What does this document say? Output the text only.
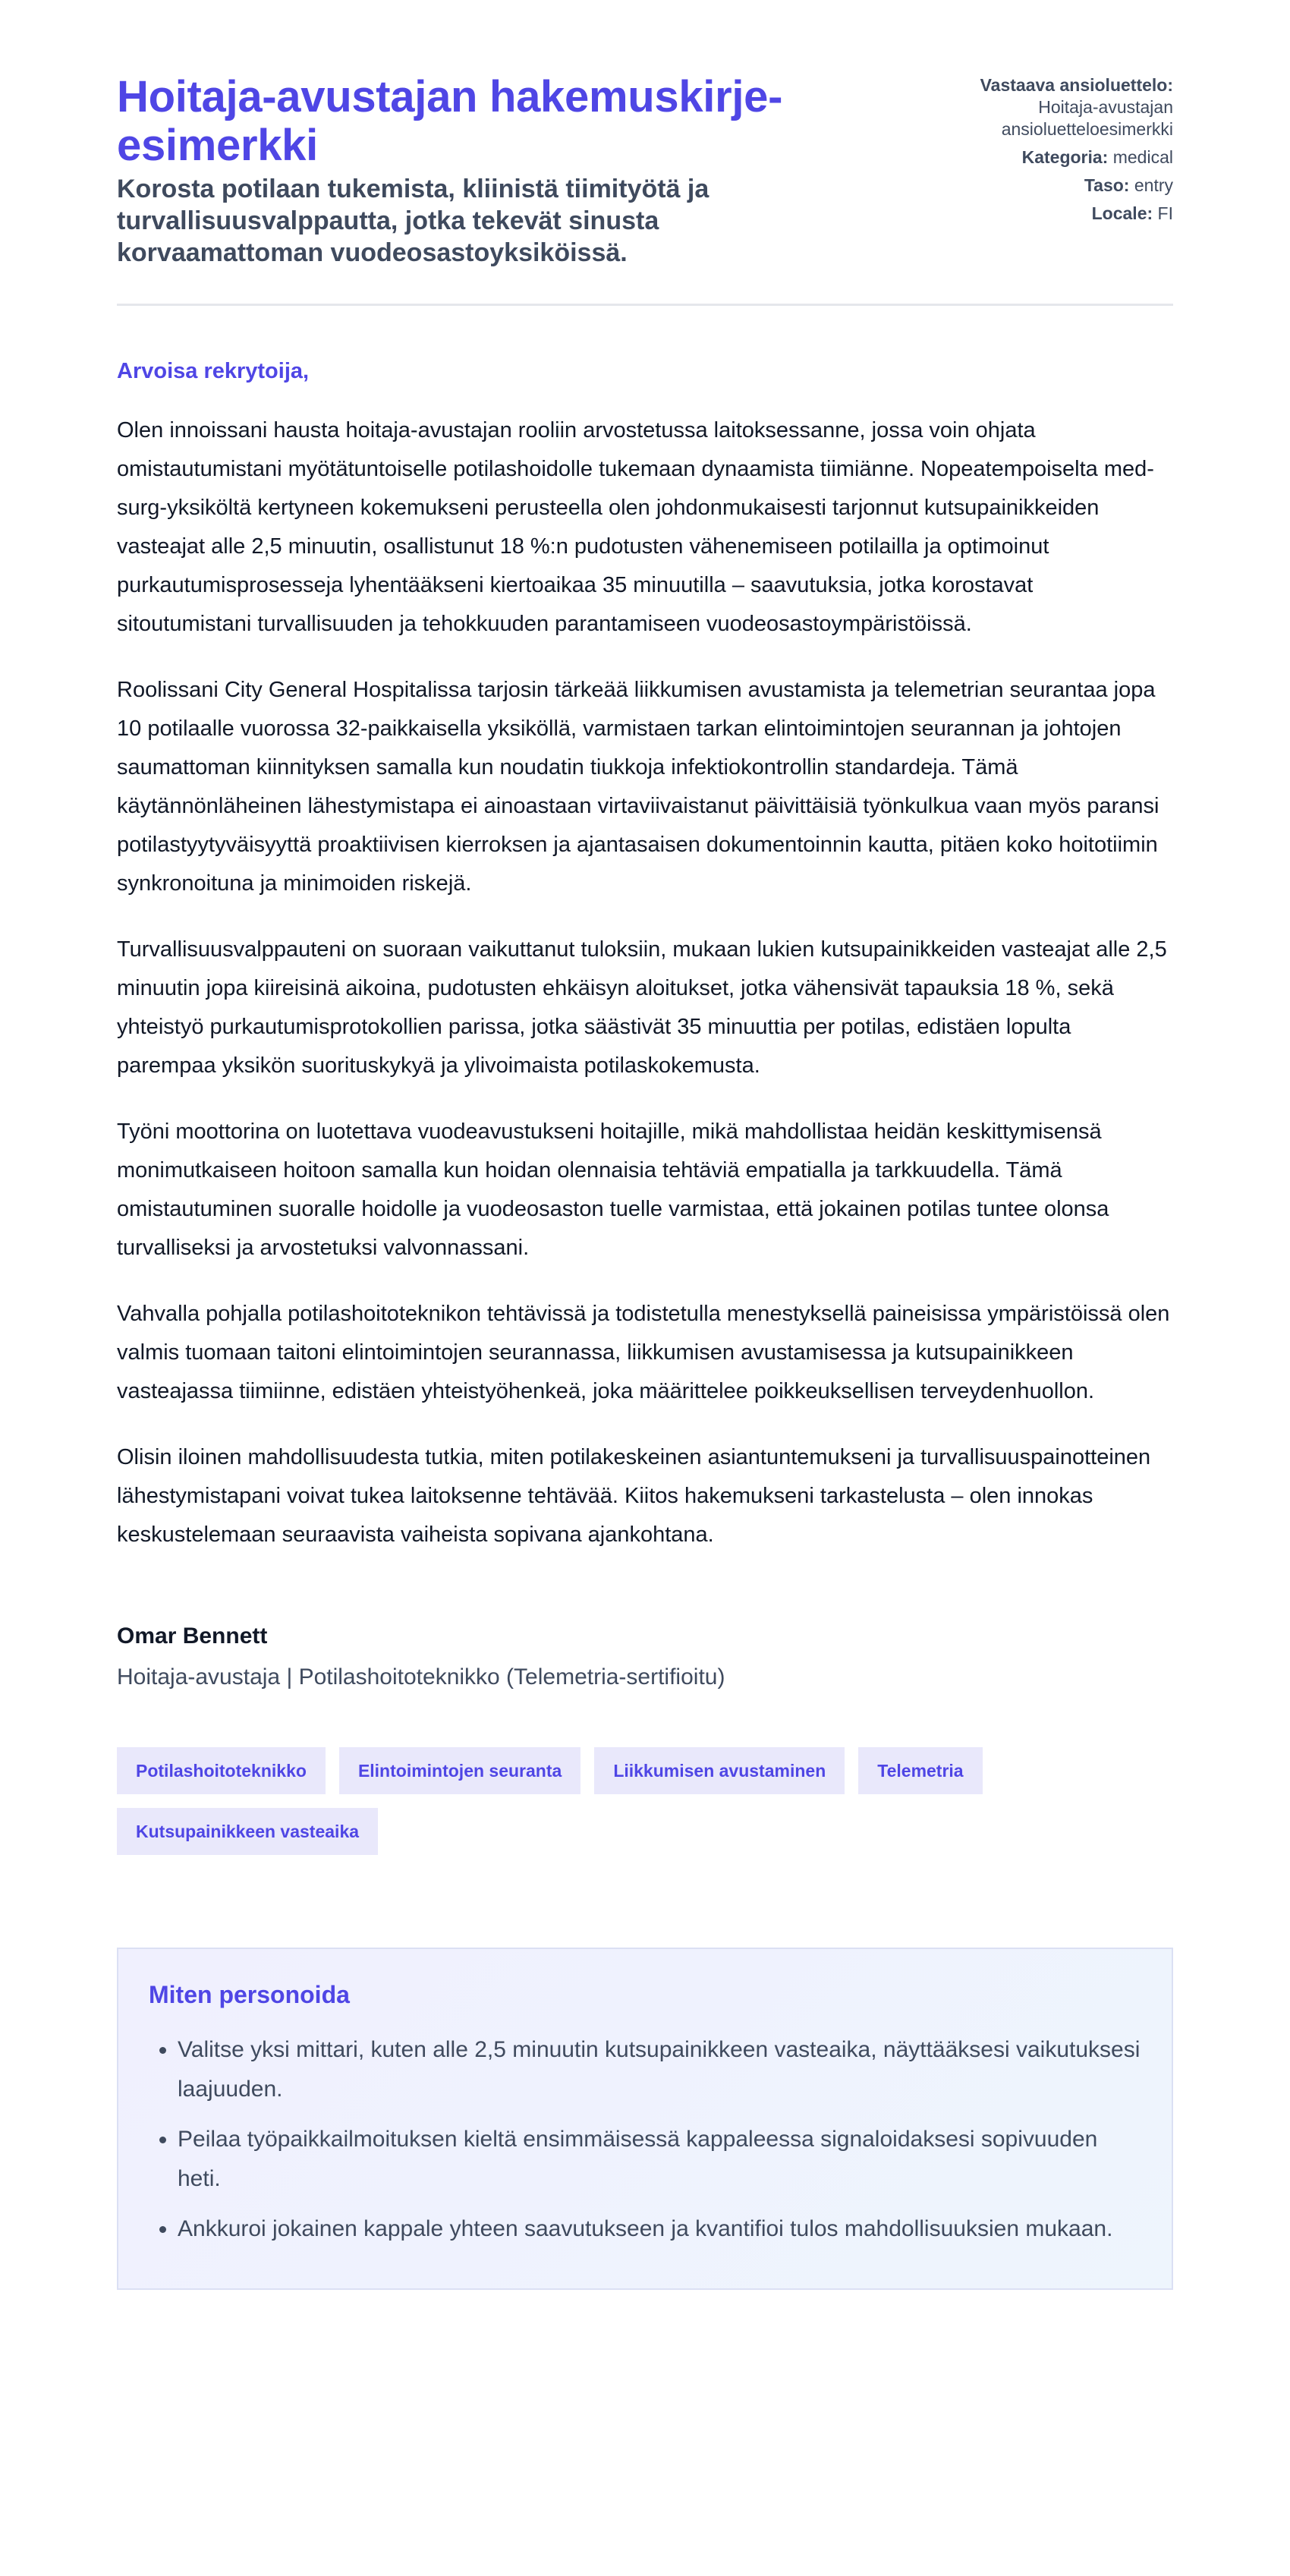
Hoitaja-avustajan hakemuskirje-esimerkki

Korosta potilaan tukemista, kliinistä tiimityötä ja turvallisuusvalppautta, jotka tekevät sinusta korvaamattoman vuodeosastoyksiköissä.

Vastaava ansioluettelo: Hoitaja-avustajan ansioluetteloesimerkki
Kategoria: medical
Taso: entry
Locale: FI

Arvoisa rekrytoija,

Olen innoissani hausta hoitaja-avustajan rooliin arvostetussa laitoksessanne, jossa voin ohjata omistautumistani myötätuntoiselle potilashoidolle tukemaan dynaamista tiimiänne. Nopeatempoiselta med-surg-yksiköltä kertyneen kokemukseni perusteella olen johdonmukaisesti tarjonnut kutsupainikkeiden vasteajat alle 2,5 minuutin, osallistunut 18 %:n pudotusten vähenemiseen potilailla ja optimoinut purkautumisprosesseja lyhentääkseni kiertoaikaa 35 minuutilla – saavutuksia, jotka korostavat sitoutumistani turvallisuuden ja tehokkuuden parantamiseen vuodeosastoympäristöissä.

Roolissani City General Hospitalissa tarjosin tärkeää liikkumisen avustamista ja telemetrian seurantaa jopa 10 potilaalle vuorossa 32-paikkaisella yksiköllä, varmistaen tarkan elintoimintojen seurannan ja johtojen saumattoman kiinnityksen samalla kun noudatin tiukkoja infektiokontrollin standardeja. Tämä käytännönläheinen lähestymistapa ei ainoastaan virtaviivaistanut päivittäisiä työnkulkua vaan myös paransi potilastyytyväisyyttä proaktiivisen kierroksen ja ajantasaisen dokumentoinnin kautta, pitäen koko hoitotiimin synkronoituna ja minimoiden riskejä.

Turvallisuusvalppauteni on suoraan vaikuttanut tuloksiin, mukaan lukien kutsupainikkeiden vasteajat alle 2,5 minuutin jopa kiireisinä aikoina, pudotusten ehkäisyn aloitukset, jotka vähensivät tapauksia 18 %, sekä yhteistyö purkautumisprotokollien parissa, jotka säästivät 35 minuuttia per potilas, edistäen lopulta parempaa yksikön suorituskykyä ja ylivoimaista potilaskokemusta.

Työni moottorina on luotettava vuodeavustukseni hoitajille, mikä mahdollistaa heidän keskittymisensä monimutkaiseen hoitoon samalla kun hoidan olennaisia tehtäviä empatialla ja tarkkuudella. Tämä omistautuminen suoralle hoidolle ja vuodeosaston tuelle varmistaa, että jokainen potilas tuntee olonsa turvalliseksi ja arvostetuksi valvonnassani.

Vahvalla pohjalla potilashoitoteknikon tehtävissä ja todistetulla menestyksellä paineisissa ympäristöissä olen valmis tuomaan taitoni elintoimintojen seurannassa, liikkumisen avustamisessa ja kutsupainikkeen vasteajassa tiimiinne, edistäen yhteistyöhenkeä, joka määrittelee poikkeuksellisen terveydenhuollon.

Olisin iloinen mahdollisuudesta tutkia, miten potilakeskeinen asiantuntemukseni ja turvallisuuspainotteinen lähestymistapani voivat tukea laitoksenne tehtävää. Kiitos hakemukseni tarkastelusta – olen innokas keskustelemaan seuraavista vaiheista sopivana ajankohtana.

Omar Bennett
Hoitaja-avustaja | Potilashoitoteknikko (Telemetria-sertifioitu)
Potilashoitoteknikko	Elintoimintojen seuranta	Liikkumisen avustaminen	Telemetria
Kutsupainikkeen vasteaika
Miten personoida
• Valitse yksi mittari, kuten alle 2,5 minuutin kutsupainikkeen vasteaika, näyttääksesi vaikutuksesi laajuuden.
• Peilaa työpaikkailmoituksen kieltä ensimmäisessä kappaleessa signaloidaksesi sopivuuden heti.
• Ankkuroi jokainen kappale yhteen saavutukseen ja kvantifioi tulos mahdollisuuksien mukaan.
